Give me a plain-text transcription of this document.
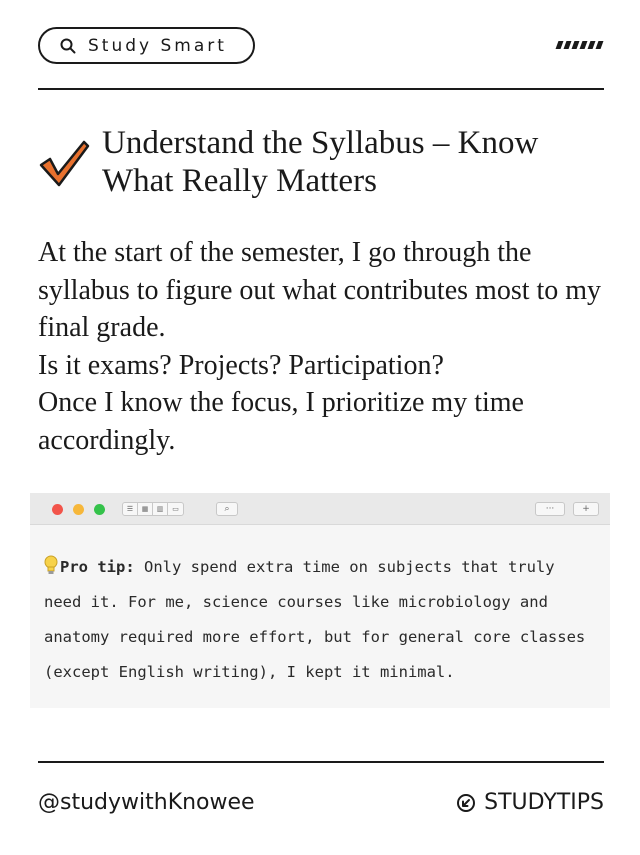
Study Smart
Understand the Syllabus – Know What Really Matters
At the start of the semester, I go through the syllabus to figure out what contributes most to my final grade.
Is it exams? Projects? Participation?
Once I know the focus, I prioritize my time accordingly.
☰	▦	▥	▭	⌕	···	+
Pro tip: Only spend extra time on subjects that truly need it. For me, science courses like microbiology and anatomy required more effort, but for general core classes (except English writing), I kept it minimal.
@studywithKnowee	STUDYTIPS
